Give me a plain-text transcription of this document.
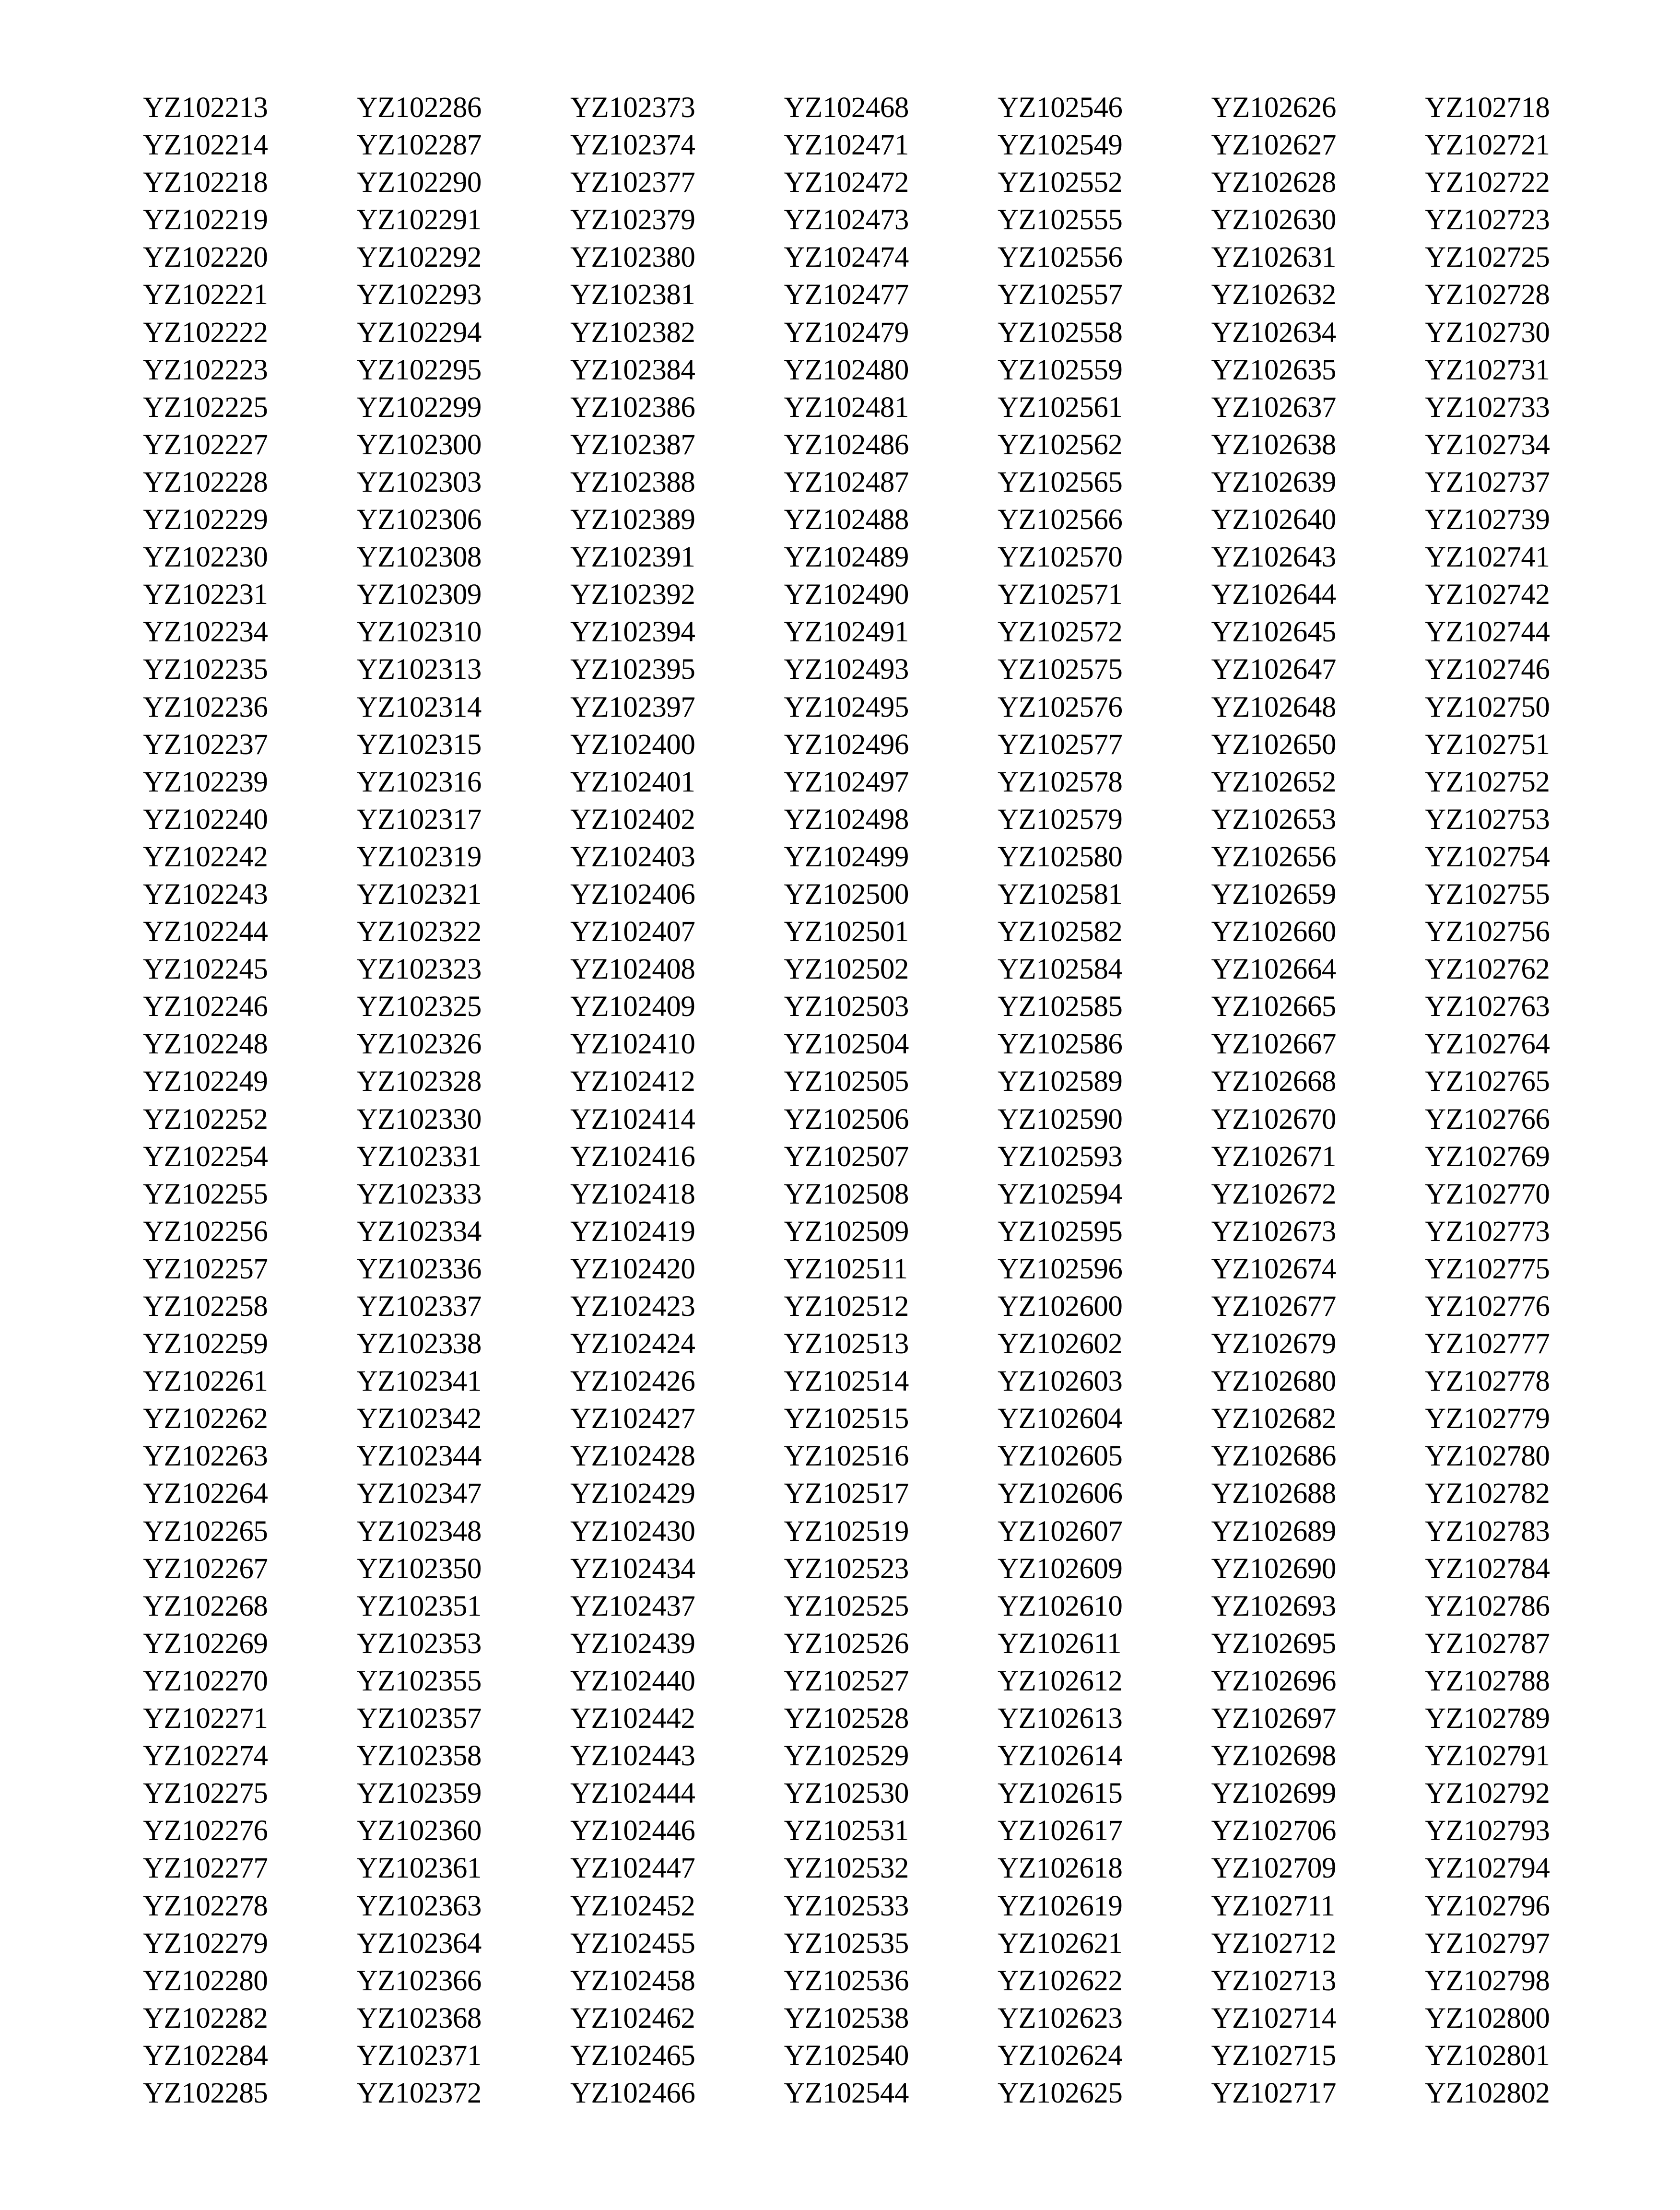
YZ102213
YZ102214
YZ102218
YZ102219
YZ102220
YZ102221
YZ102222
YZ102223
YZ102225
YZ102227
YZ102228
YZ102229
YZ102230
YZ102231
YZ102234
YZ102235
YZ102236
YZ102237
YZ102239
YZ102240
YZ102242
YZ102243
YZ102244
YZ102245
YZ102246
YZ102248
YZ102249
YZ102252
YZ102254
YZ102255
YZ102256
YZ102257
YZ102258
YZ102259
YZ102261
YZ102262
YZ102263
YZ102264
YZ102265
YZ102267
YZ102268
YZ102269
YZ102270
YZ102271
YZ102274
YZ102275
YZ102276
YZ102277
YZ102278
YZ102279
YZ102280
YZ102282
YZ102284
YZ102285
YZ102286
YZ102287
YZ102290
YZ102291
YZ102292
YZ102293
YZ102294
YZ102295
YZ102299
YZ102300
YZ102303
YZ102306
YZ102308
YZ102309
YZ102310
YZ102313
YZ102314
YZ102315
YZ102316
YZ102317
YZ102319
YZ102321
YZ102322
YZ102323
YZ102325
YZ102326
YZ102328
YZ102330
YZ102331
YZ102333
YZ102334
YZ102336
YZ102337
YZ102338
YZ102341
YZ102342
YZ102344
YZ102347
YZ102348
YZ102350
YZ102351
YZ102353
YZ102355
YZ102357
YZ102358
YZ102359
YZ102360
YZ102361
YZ102363
YZ102364
YZ102366
YZ102368
YZ102371
YZ102372
YZ102373
YZ102374
YZ102377
YZ102379
YZ102380
YZ102381
YZ102382
YZ102384
YZ102386
YZ102387
YZ102388
YZ102389
YZ102391
YZ102392
YZ102394
YZ102395
YZ102397
YZ102400
YZ102401
YZ102402
YZ102403
YZ102406
YZ102407
YZ102408
YZ102409
YZ102410
YZ102412
YZ102414
YZ102416
YZ102418
YZ102419
YZ102420
YZ102423
YZ102424
YZ102426
YZ102427
YZ102428
YZ102429
YZ102430
YZ102434
YZ102437
YZ102439
YZ102440
YZ102442
YZ102443
YZ102444
YZ102446
YZ102447
YZ102452
YZ102455
YZ102458
YZ102462
YZ102465
YZ102466
YZ102468
YZ102471
YZ102472
YZ102473
YZ102474
YZ102477
YZ102479
YZ102480
YZ102481
YZ102486
YZ102487
YZ102488
YZ102489
YZ102490
YZ102491
YZ102493
YZ102495
YZ102496
YZ102497
YZ102498
YZ102499
YZ102500
YZ102501
YZ102502
YZ102503
YZ102504
YZ102505
YZ102506
YZ102507
YZ102508
YZ102509
YZ102511
YZ102512
YZ102513
YZ102514
YZ102515
YZ102516
YZ102517
YZ102519
YZ102523
YZ102525
YZ102526
YZ102527
YZ102528
YZ102529
YZ102530
YZ102531
YZ102532
YZ102533
YZ102535
YZ102536
YZ102538
YZ102540
YZ102544
YZ102546
YZ102549
YZ102552
YZ102555
YZ102556
YZ102557
YZ102558
YZ102559
YZ102561
YZ102562
YZ102565
YZ102566
YZ102570
YZ102571
YZ102572
YZ102575
YZ102576
YZ102577
YZ102578
YZ102579
YZ102580
YZ102581
YZ102582
YZ102584
YZ102585
YZ102586
YZ102589
YZ102590
YZ102593
YZ102594
YZ102595
YZ102596
YZ102600
YZ102602
YZ102603
YZ102604
YZ102605
YZ102606
YZ102607
YZ102609
YZ102610
YZ102611
YZ102612
YZ102613
YZ102614
YZ102615
YZ102617
YZ102618
YZ102619
YZ102621
YZ102622
YZ102623
YZ102624
YZ102625
YZ102626
YZ102627
YZ102628
YZ102630
YZ102631
YZ102632
YZ102634
YZ102635
YZ102637
YZ102638
YZ102639
YZ102640
YZ102643
YZ102644
YZ102645
YZ102647
YZ102648
YZ102650
YZ102652
YZ102653
YZ102656
YZ102659
YZ102660
YZ102664
YZ102665
YZ102667
YZ102668
YZ102670
YZ102671
YZ102672
YZ102673
YZ102674
YZ102677
YZ102679
YZ102680
YZ102682
YZ102686
YZ102688
YZ102689
YZ102690
YZ102693
YZ102695
YZ102696
YZ102697
YZ102698
YZ102699
YZ102706
YZ102709
YZ102711
YZ102712
YZ102713
YZ102714
YZ102715
YZ102717
YZ102718
YZ102721
YZ102722
YZ102723
YZ102725
YZ102728
YZ102730
YZ102731
YZ102733
YZ102734
YZ102737
YZ102739
YZ102741
YZ102742
YZ102744
YZ102746
YZ102750
YZ102751
YZ102752
YZ102753
YZ102754
YZ102755
YZ102756
YZ102762
YZ102763
YZ102764
YZ102765
YZ102766
YZ102769
YZ102770
YZ102773
YZ102775
YZ102776
YZ102777
YZ102778
YZ102779
YZ102780
YZ102782
YZ102783
YZ102784
YZ102786
YZ102787
YZ102788
YZ102789
YZ102791
YZ102792
YZ102793
YZ102794
YZ102796
YZ102797
YZ102798
YZ102800
YZ102801
YZ102802
